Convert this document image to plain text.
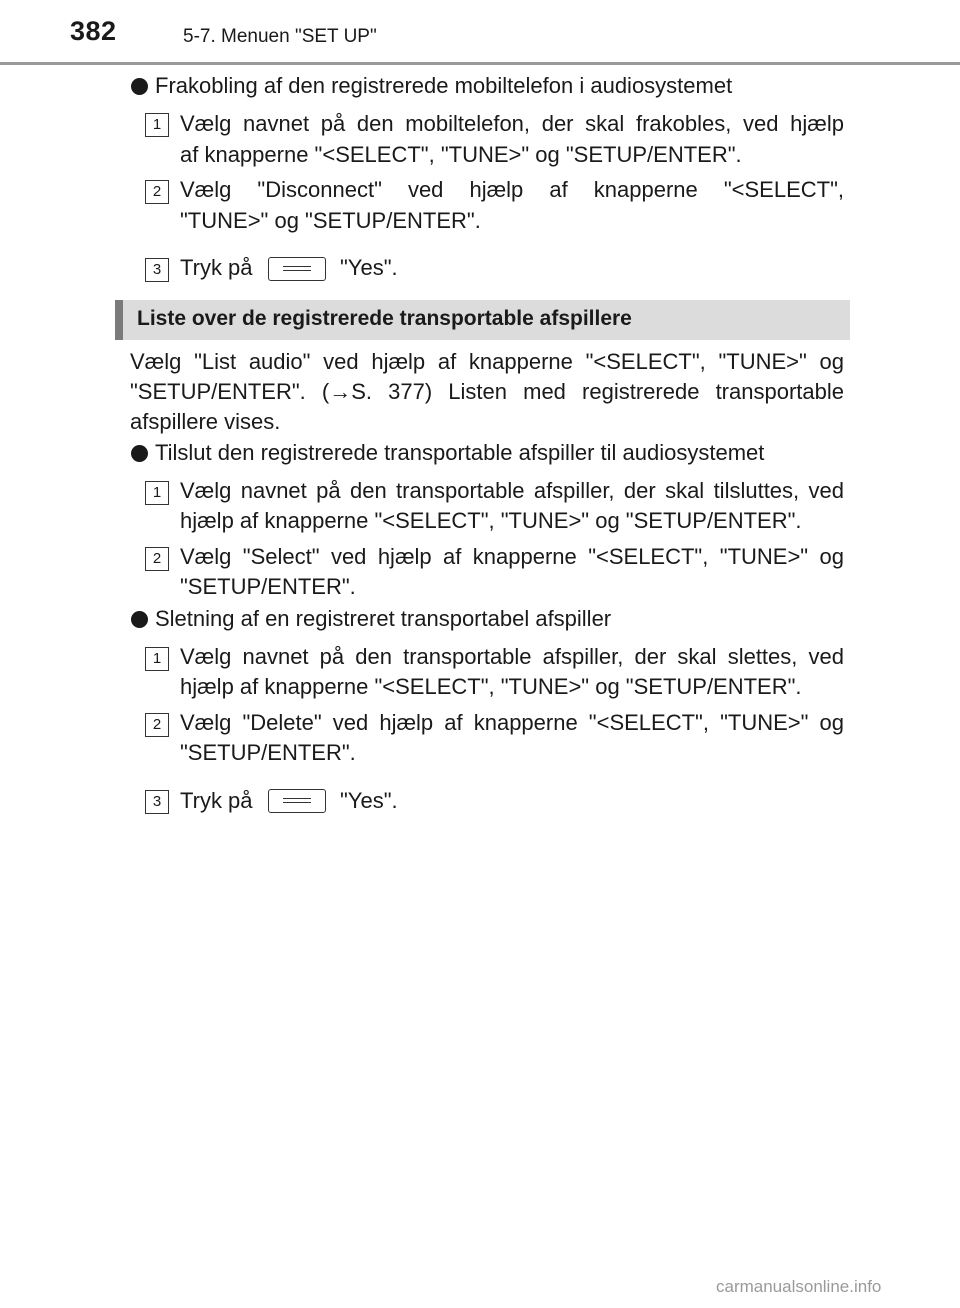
382	5-7. Menuen "SET UP"
Frakobling af den registrerede mobiltelefon i audiosystemet
1 Vælg navnet på den mobiltelefon, der skal frakobles, ved hjælp
af knapperne "<SELECT", "TUNE>" og "SETUP/ENTER".
2 Vælg "Disconnect" ved hjælp af knapperne "<SELECT",
"TUNE>" og "SETUP/ENTER".
3 Tryk på	"Yes".
Liste over de registrerede transportable afspillere
Vælg "List audio" ved hjælp af knapperne "<SELECT", "TUNE>" og
"SETUP/ENTER". (→S. 377) Listen med registrerede transportable
afspillere vises.
Tilslut den registrerede transportable afspiller til audiosystemet
1 Vælg navnet på den transportable afspiller, der skal tilsluttes, ved
hjælp af knapperne "<SELECT", "TUNE>" og "SETUP/ENTER".
2 Vælg "Select" ved hjælp af knapperne "<SELECT", "TUNE>" og
"SETUP/ENTER".
Sletning af en registreret transportabel afspiller
1 Vælg navnet på den transportable afspiller, der skal slettes, ved
hjælp af knapperne "<SELECT", "TUNE>" og "SETUP/ENTER".
2 Vælg "Delete" ved hjælp af knapperne "<SELECT", "TUNE>" og
"SETUP/ENTER".
3 Tryk på	"Yes".
carmanualsonline.info
